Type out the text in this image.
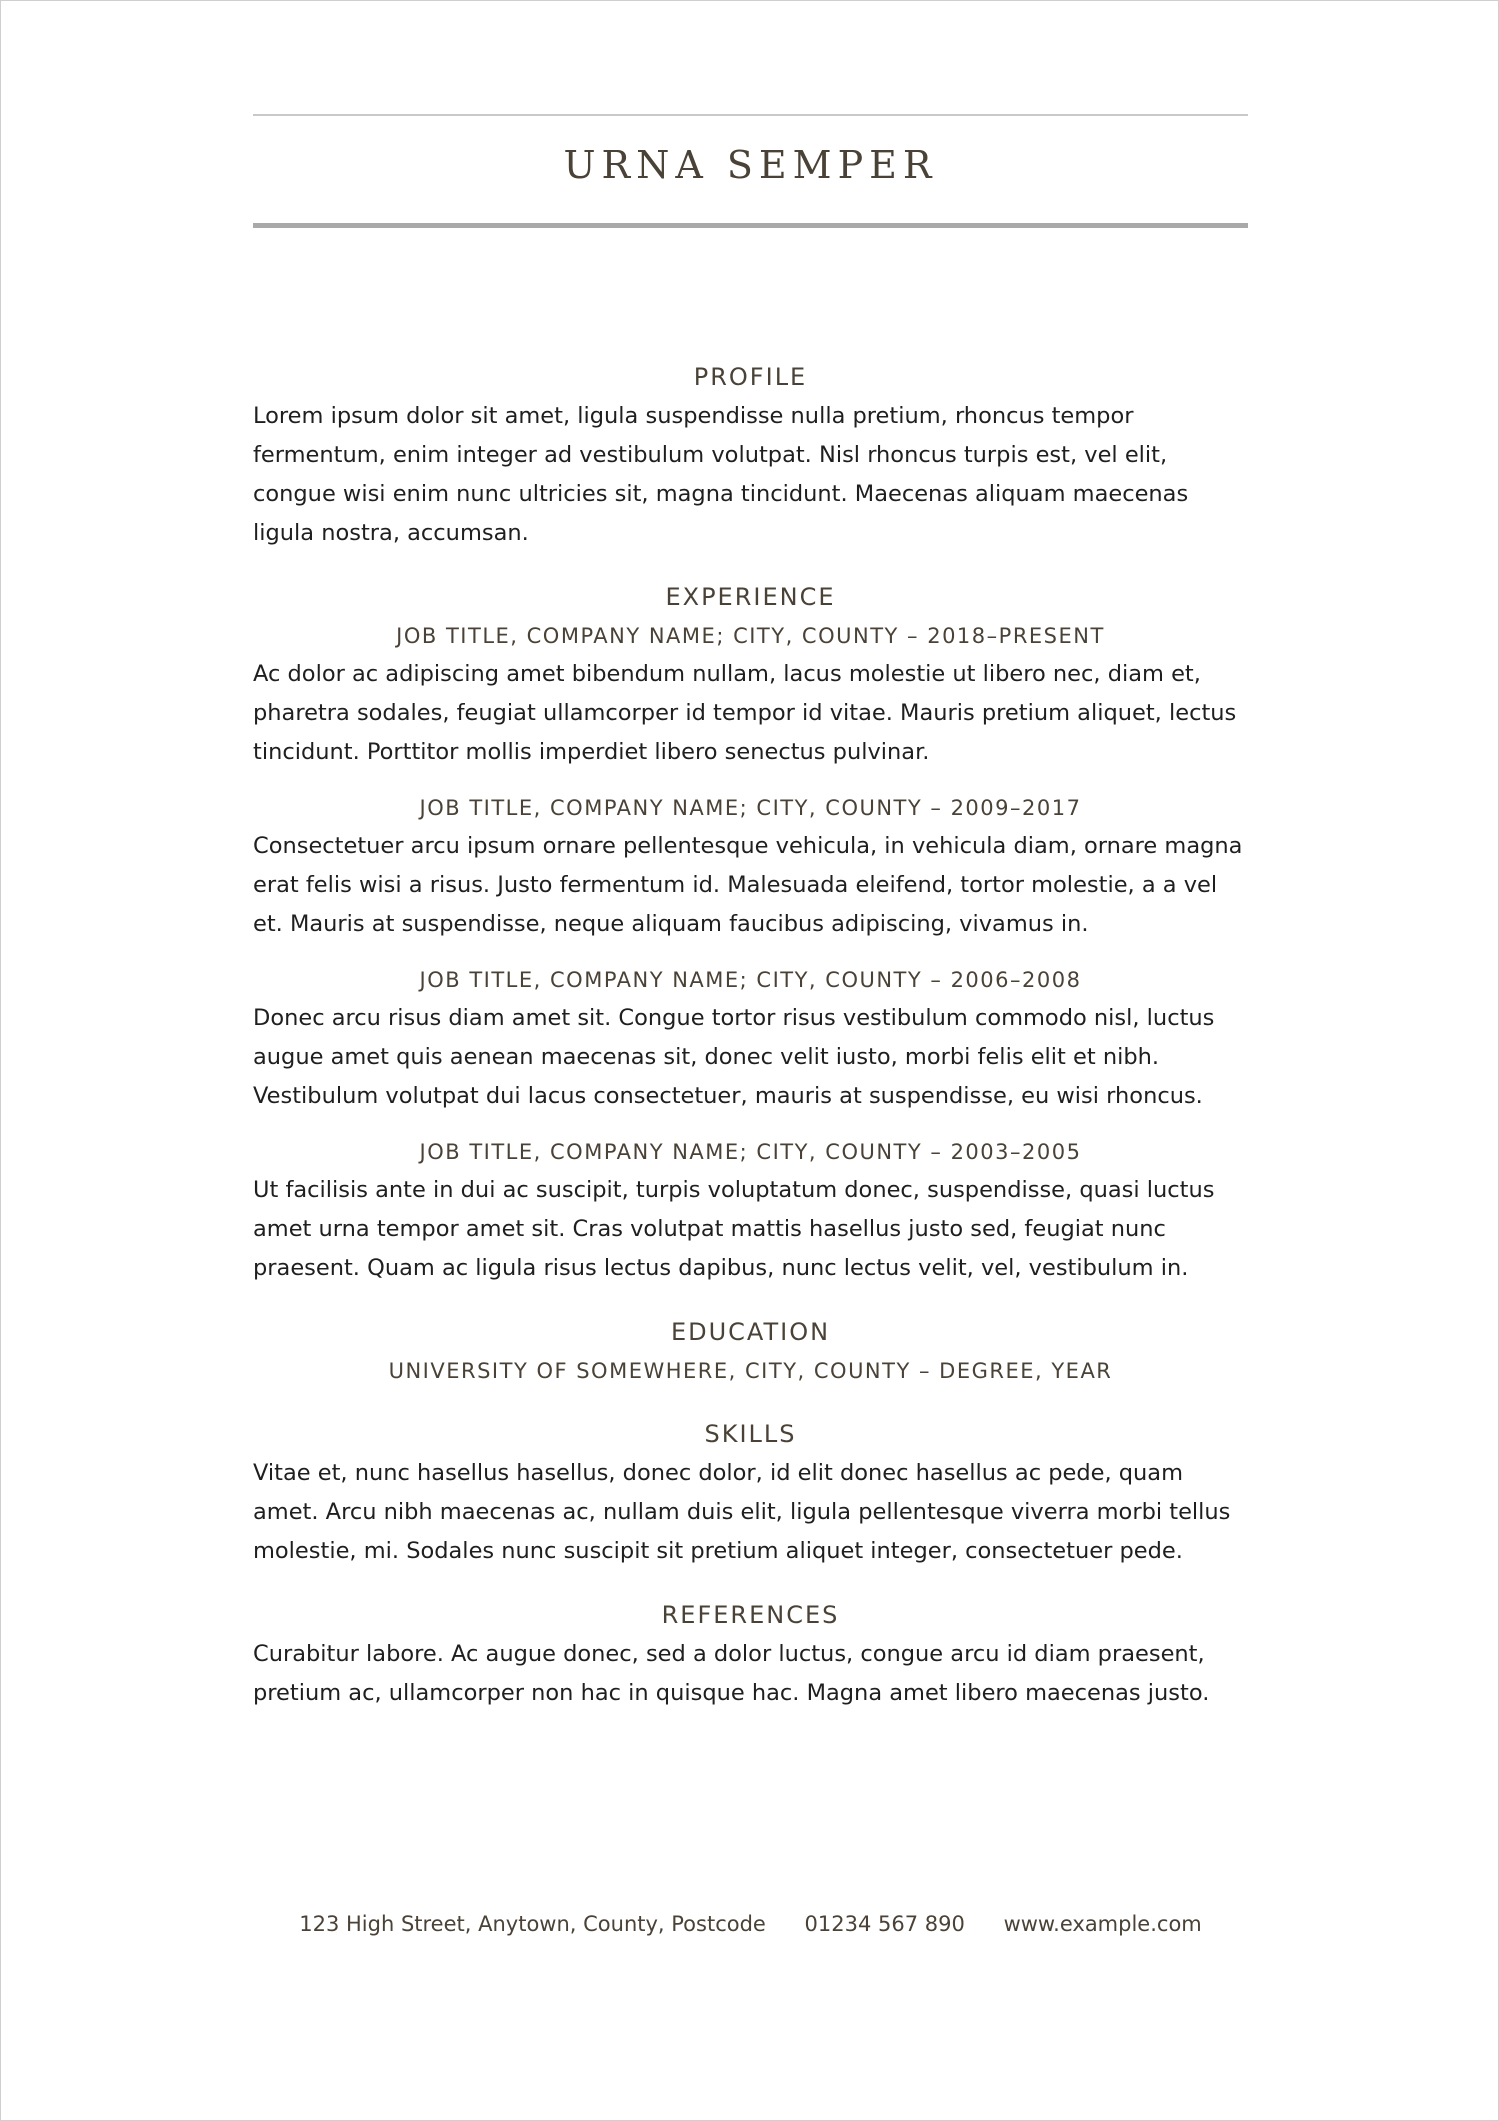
URNA SEMPER
PROFILE

Lorem ipsum dolor sit amet, ligula suspendisse nulla pretium, rhoncus tempor fermentum, enim integer ad vestibulum volutpat. Nisl rhoncus turpis est, vel elit, congue wisi enim nunc ultricies sit, magna tincidunt. Maecenas aliquam maecenas ligula nostra, accumsan.

EXPERIENCE
JOB TITLE, COMPANY NAME; CITY, COUNTY – 2018–PRESENT

Ac dolor ac adipiscing amet bibendum nullam, lacus molestie ut libero nec, diam et, pharetra sodales, feugiat ullamcorper id tempor id vitae. Mauris pretium aliquet, lectus tincidunt. Porttitor mollis imperdiet libero senectus pulvinar.

JOB TITLE, COMPANY NAME; CITY, COUNTY – 2009–2017

Consectetuer arcu ipsum ornare pellentesque vehicula, in vehicula diam, ornare magna erat felis wisi a risus. Justo fermentum id. Malesuada eleifend, tortor molestie, a a vel et. Mauris at suspendisse, neque aliquam faucibus adipiscing, vivamus in.

JOB TITLE, COMPANY NAME; CITY, COUNTY – 2006–2008

Donec arcu risus diam amet sit. Congue tortor risus vestibulum commodo nisl, luctus augue amet quis aenean maecenas sit, donec velit iusto, morbi felis elit et nibh. Vestibulum volutpat dui lacus consectetuer, mauris at suspendisse, eu wisi rhoncus.

JOB TITLE, COMPANY NAME; CITY, COUNTY – 2003–2005

Ut facilisis ante in dui ac suscipit, turpis voluptatum donec, suspendisse, quasi luctus amet urna tempor amet sit. Cras volutpat mattis hasellus justo sed, feugiat nunc praesent. Quam ac ligula risus lectus dapibus, nunc lectus velit, vel, vestibulum in.

EDUCATION
UNIVERSITY OF SOMEWHERE, CITY, COUNTY – DEGREE, YEAR
SKILLS

Vitae et, nunc hasellus hasellus, donec dolor, id elit donec hasellus ac pede, quam amet. Arcu nibh maecenas ac, nullam duis elit, ligula pellentesque viverra morbi tellus molestie, mi. Sodales nunc suscipit sit pretium aliquet integer, consectetuer pede.

REFERENCES

Curabitur labore. Ac augue donec, sed a dolor luctus, congue arcu id diam praesent, pretium ac, ullamcorper non hac in quisque hac. Magna amet libero maecenas justo.

123 High Street, Anytown, County, Postcode 01234 567 890 www.example.com
